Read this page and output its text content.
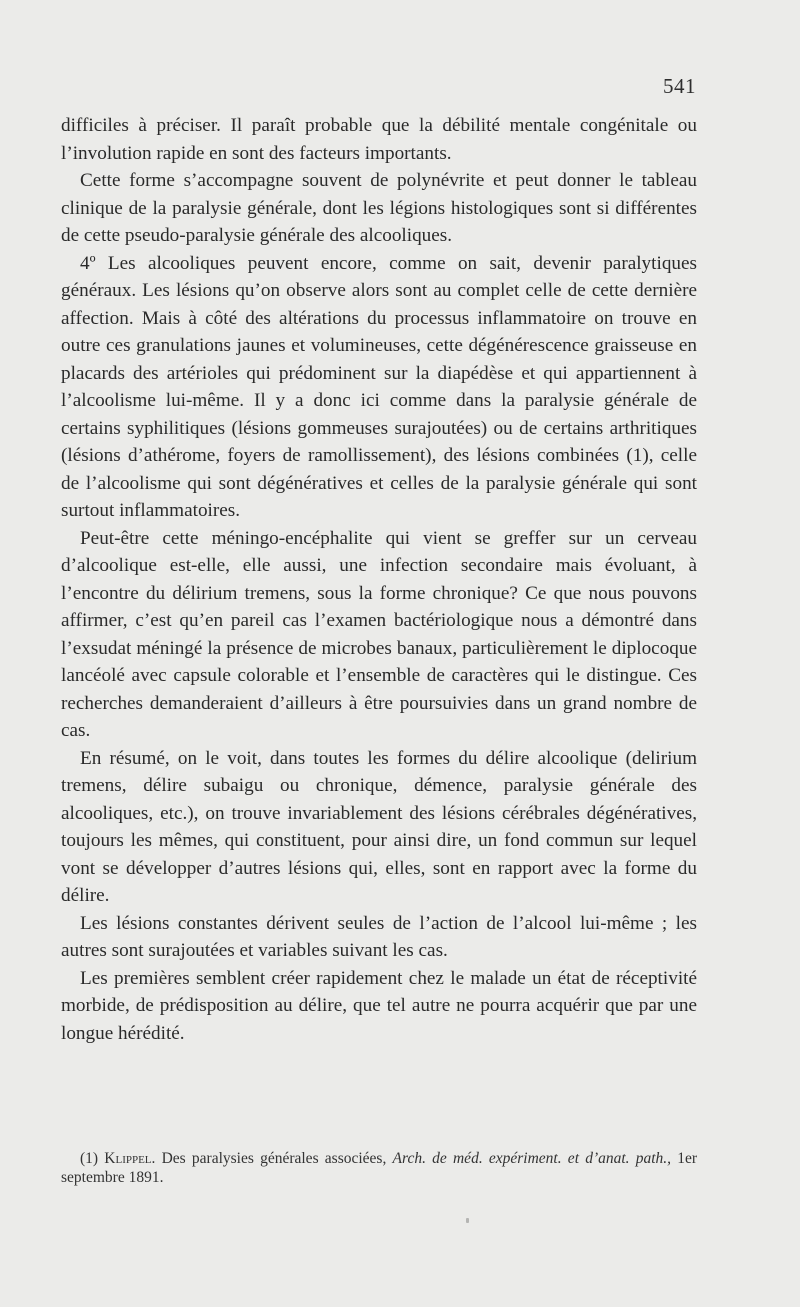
541

difficiles à préciser. Il paraît probable que la débilité mentale congénitale ou l’involution rapide en sont des facteurs importants.

Cette forme s’accompagne souvent de polynévrite et peut donner le tableau clinique de la paralysie générale, dont les légions histologiques sont si différentes de cette pseudo-paralysie générale des alcooliques.

4º Les alcooliques peuvent encore, comme on sait, devenir paralytiques généraux. Les lésions qu’on observe alors sont au complet celle de cette dernière affection. Mais à côté des altérations du processus inflammatoire on trouve en outre ces granulations jaunes et volumineuses, cette dégénérescence graisseuse en placards des artérioles qui prédominent sur la diapédèse et qui appartiennent à l’alcoolisme lui-même. Il y a donc ici comme dans la paralysie générale de certains syphilitiques (lésions gommeuses surajoutées) ou de certains arthritiques (lésions d’athérome, foyers de ramollissement), des lésions combinées (1), celle de l’alcoolisme qui sont dégénératives et celles de la paralysie générale qui sont surtout inflammatoires.

Peut-être cette méningo-encéphalite qui vient se greffer sur un cerveau d’alcoolique est-elle, elle aussi, une infection secondaire mais évoluant, à l’encontre du délirium tremens, sous la forme chronique? Ce que nous pouvons affirmer, c’est qu’en pareil cas l’examen bactériologique nous a démontré dans l’exsudat méningé la présence de microbes banaux, particulièrement le diplocoque lancéolé avec capsule colorable et l’ensemble de caractères qui le distingue. Ces recherches demanderaient d’ailleurs à être poursuivies dans un grand nombre de cas.

En résumé, on le voit, dans toutes les formes du délire alcoolique (delirium tremens, délire subaigu ou chronique, démence, paralysie générale des alcooliques, etc.), on trouve invariablement des lésions cérébrales dégénératives, toujours les mêmes, qui constituent, pour ainsi dire, un fond commun sur lequel vont se développer d’autres lésions qui, elles, sont en rapport avec la forme du délire.

Les lésions constantes dérivent seules de l’action de l’alcool lui-même ; les autres sont surajoutées et variables suivant les cas.

Les premières semblent créer rapidement chez le malade un état de réceptivité morbide, de prédisposition au délire, que tel autre ne pourra acquérir que par une longue hérédité.

(1) Klippel. Des paralysies générales associées, Arch. de méd. expériment. et d’anat. path., 1er septembre 1891.
